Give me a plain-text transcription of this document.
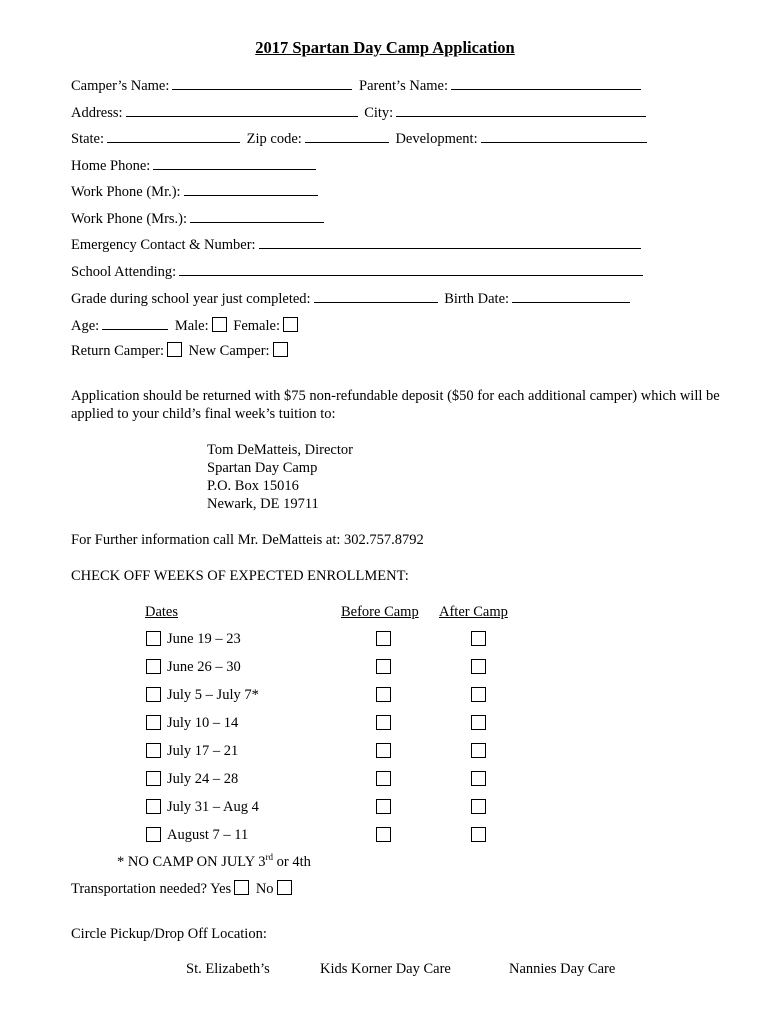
2017 Spartan Day Camp Application
Camper’s Name:	Parent’s Name:
Address:	City:
State:	Zip code:	Development:
Home Phone:
Work Phone (Mr.):
Work Phone (Mrs.):
Emergency Contact & Number:
School Attending:
Grade during school year just completed:	Birth Date:
Age:	Male: Female:
Return Camper: New Camper:
Application should be returned with $75 non-refundable deposit ($50 for each additional camper) which will be applied to your child’s final week’s tuition to:
Tom DeMatteis, Director
Spartan Day Camp
P.O. Box 15016
Newark, DE 19711
For Further information call Mr. DeMatteis at: 302.757.8792
CHECK OFF WEEKS OF EXPECTED ENROLLMENT:
Dates	Before Camp After Camp
June 19 – 23
June 26 – 30
July 5 – July 7*
July 10 – 14
July 17 – 21
July 24 – 28
July 31 – Aug 4
August 7 – 11
* NO CAMP ON JULY 3rd or 4th
Transportation needed? Yes No
Circle Pickup/Drop Off Location:
St. Elizabeth’s	Kids Korner Day Care	Nannies Day Care
